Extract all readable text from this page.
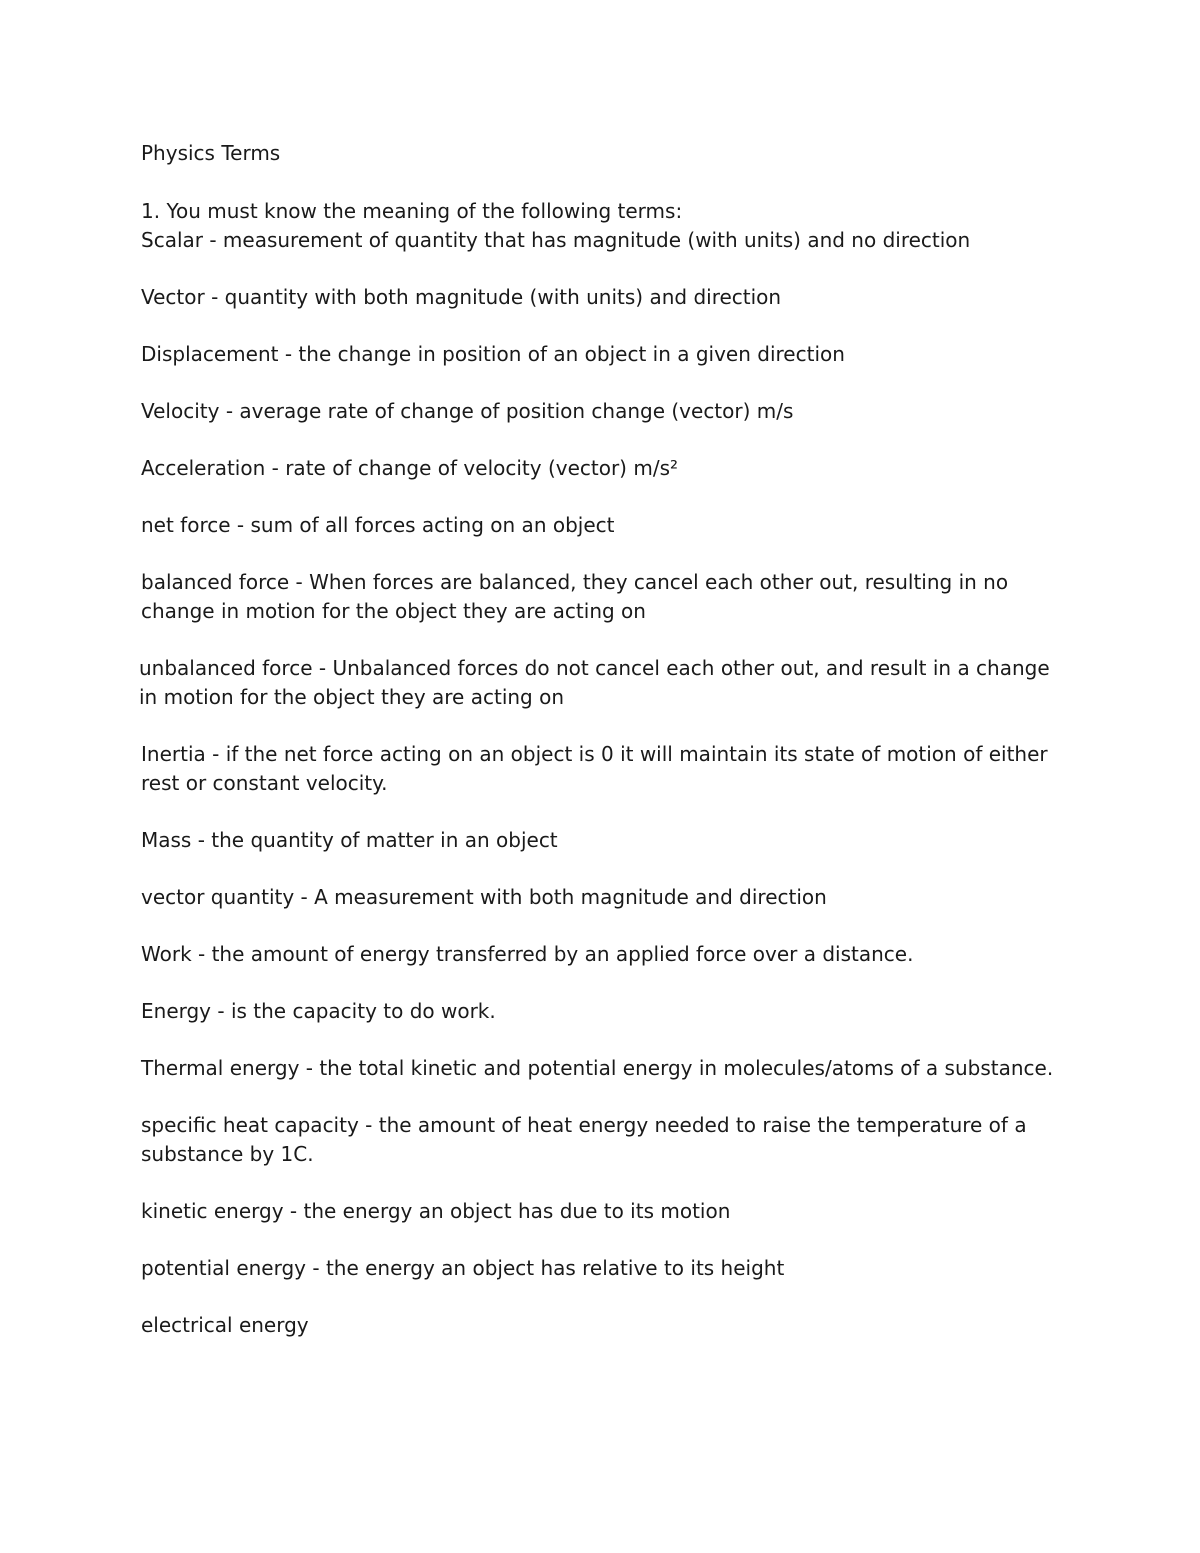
Physics Terms

1. You must know the meaning of the following terms:

Scalar - measurement of quantity that has magnitude (with units) and no direction

Vector - quantity with both magnitude (with units) and direction

Displacement - the change in position of an object in a given direction

Velocity - average rate of change of position change (vector) m/s

Acceleration - rate of change of velocity (vector) m/s²

net force - sum of all forces acting on an object

balanced force - When forces are balanced, they cancel each other out, resulting in no change in motion for the object they are acting on

unbalanced force - Unbalanced forces do not cancel each other out, and result in a change in motion for the object they are acting on

Inertia - if the net force acting on an object is 0 it will maintain its state of motion of either rest or constant velocity.

Mass - the quantity of matter in an object

vector quantity - A measurement with both magnitude and direction

Work - the amount of energy transferred by an applied force over a distance.

Energy - is the capacity to do work.

Thermal energy - the total kinetic and potential energy in molecules/atoms of a substance.

specific heat capacity - the amount of heat energy needed to raise the temperature of a substance by 1C.

kinetic energy - the energy an object has due to its motion

potential energy - the energy an object has relative to its height

electrical energy
